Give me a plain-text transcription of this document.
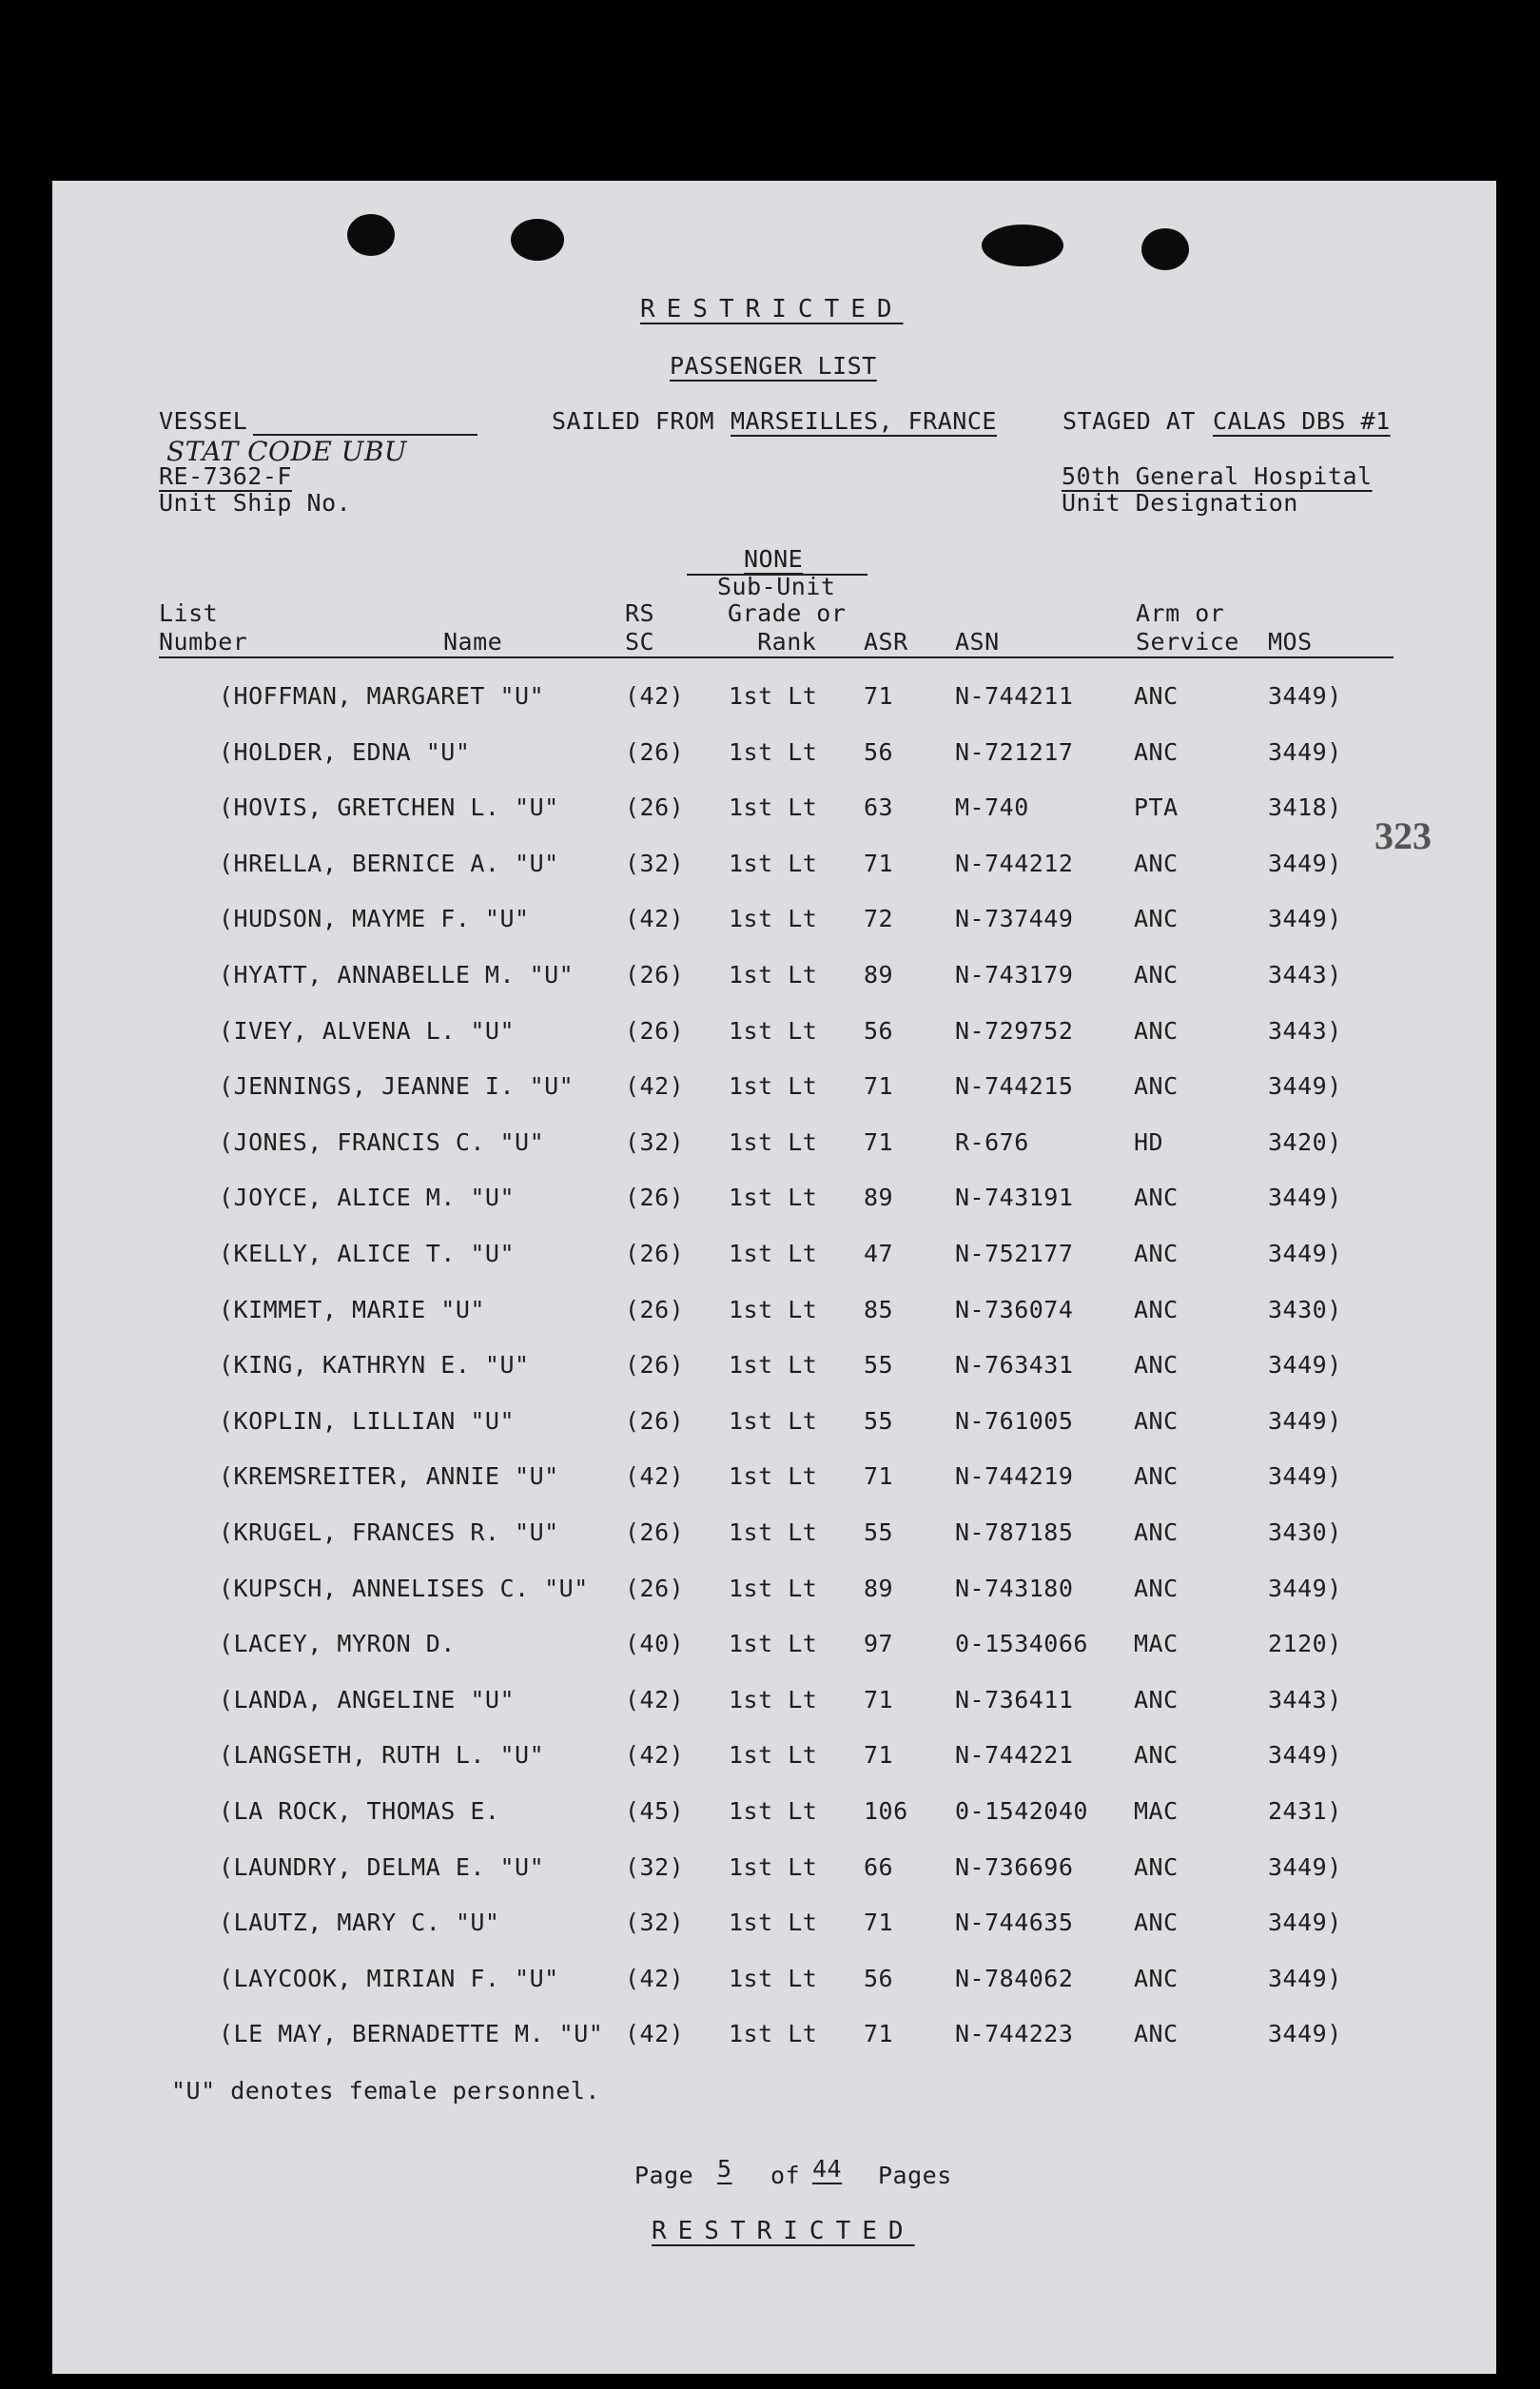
RESTRICTED
PASSENGER LIST
VESSEL	SAILED FROM MARSEILLES, FRANCE	STAGED AT CALAS DBS #1
STAT CODE UBU
RE-7362-F
Unit Ship No.
50th General Hospital
Unit Designation
NONE
Sub-Unit
List
Number	Name
RS
SC
Grade or
Rank	ASR ASN
Arm or
Service MOS
(HOFFMAN, MARGARET "U"	(42) 1st Lt 71	N-744211	ANC	3449)
(HOLDER, EDNA "U"	(26) 1st Lt 56	N-721217	ANC	3449)
(HOVIS, GRETCHEN L. "U"	(26) 1st Lt 63	M-740	PTA	3418)
(HRELLA, BERNICE A. "U"	(32) 1st Lt 71	N-744212	ANC	3449)
(HUDSON, MAYME F. "U"	(42) 1st Lt 72	N-737449	ANC	3449)
(HYATT, ANNABELLE M. "U" (26) 1st Lt 89	N-743179	ANC	3443)
(IVEY, ALVENA L. "U"	(26) 1st Lt 56	N-729752	ANC	3443)
(JENNINGS, JEANNE I. "U" (42) 1st Lt 71	N-744215	ANC	3449)
(JONES, FRANCIS C. "U"	(32) 1st Lt 71	R-676	HD	3420)
(JOYCE, ALICE M. "U"	(26) 1st Lt 89	N-743191	ANC	3449)
(KELLY, ALICE T. "U"	(26) 1st Lt 47	N-752177	ANC	3449)
(KIMMET, MARIE "U"	(26) 1st Lt 85	N-736074	ANC	3430)
(KING, KATHRYN E. "U"	(26) 1st Lt 55	N-763431	ANC	3449)
(KOPLIN, LILLIAN "U"	(26) 1st Lt 55	N-761005	ANC	3449)
(KREMSREITER, ANNIE "U"	(42) 1st Lt 71	N-744219	ANC	3449)
(KRUGEL, FRANCES R. "U"	(26) 1st Lt 55	N-787185	ANC	3430)
(KUPSCH, ANNELISES C. "U" (26) 1st Lt 89	N-743180	ANC	3449)
(LACEY, MYRON D.	(40) 1st Lt 97	0-1534066 MAC	2120)
(LANDA, ANGELINE "U"	(42) 1st Lt 71	N-736411	ANC	3443)
(LANGSETH, RUTH L. "U"	(42) 1st Lt 71	N-744221	ANC	3449)
(LA ROCK, THOMAS E.	(45) 1st Lt 106 0-1542040 MAC	2431)
(LAUNDRY, DELMA E. "U"	(32) 1st Lt 66	N-736696	ANC	3449)
(LAUTZ, MARY C. "U"	(32) 1st Lt 71	N-744635	ANC	3449)
(LAYCOOK, MIRIAN F. "U"	(42) 1st Lt 56	N-784062	ANC	3449)
(LE MAY, BERNADETTE M. "U" (42) 1st Lt 71	N-744223	ANC	3449)
323
"U" denotes female personnel.
Page 5	of 44	Pages
RESTRICTED
